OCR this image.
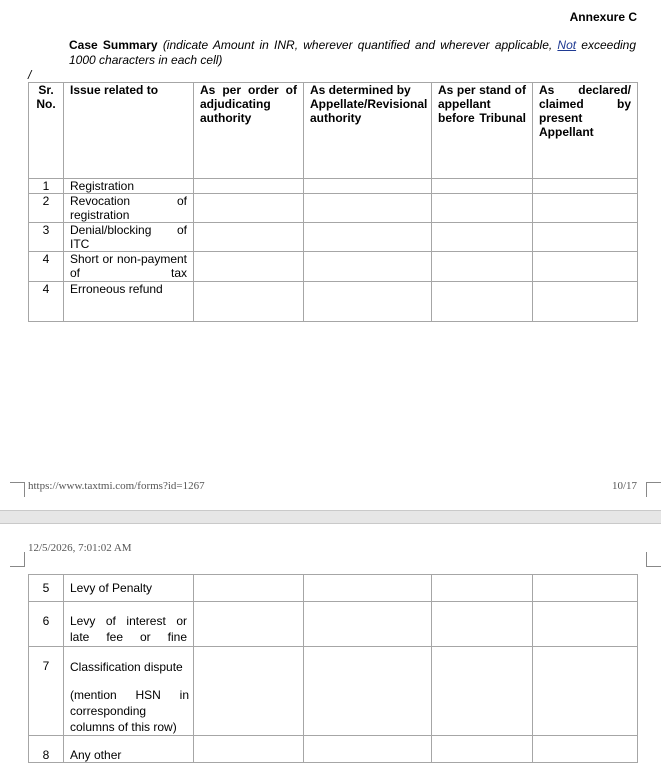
Annexure C
Case Summary (indicate Amount in INR, wherever quantified and wherever applicable, Not exceeding 1000 characters in each cell)
/
Sr. No.	Issue related to	As per order of adjudicating authority	As determined by Appellate/Revisional authority	As per stand of appellant before Tribunal	As declared/ claimed by present Appellant
1	Registration				
2	Revocation of registration				
3	Denial/blocking of ITC				
4	Short or non-payment of tax				
4	Erroneous refund				
https://www.taxtmi.com/forms?id=1267	10/17
12/5/2026, 7:01:02 AM
5	Levy of Penalty				
6	Levy of interest or late fee or fine				
7	Classification dispute
(mention HSN in corresponding columns of this row)				

8	Any other				
